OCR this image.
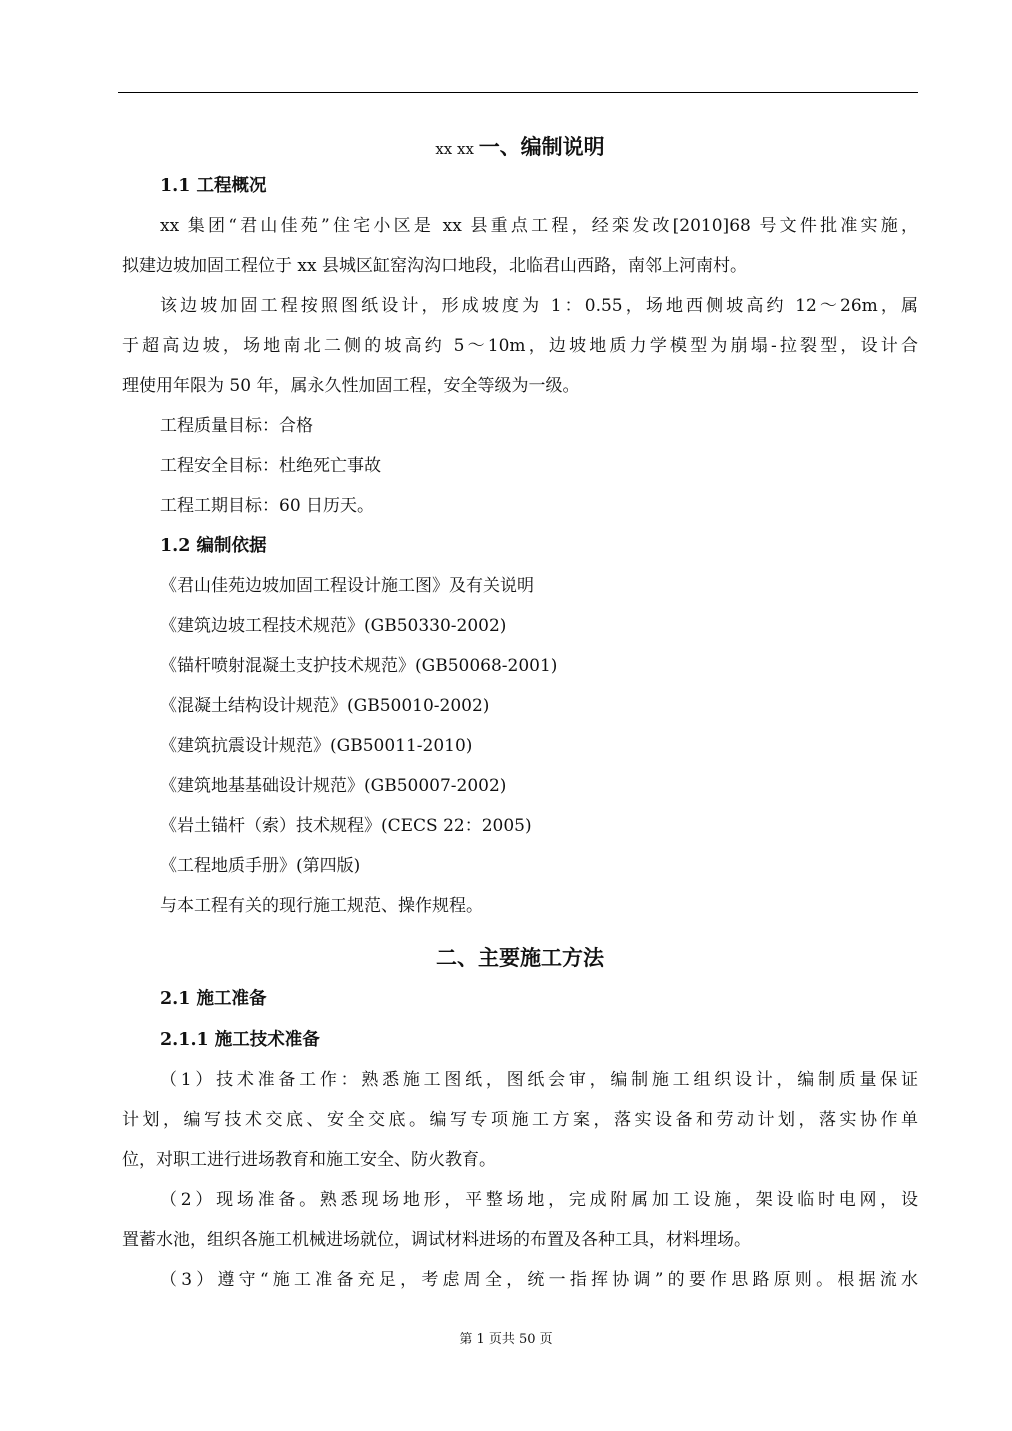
xx xx 一、编制说明
1.1 工程概况
xx 集团“君山佳苑”住宅小区是 xx 县重点工程，经栾发改[2010]68 号文件批准实施，
拟建边坡加固工程位于 xx 县城区缸窑沟沟口地段，北临君山西路，南邻上河南村。
该边坡加固工程按照图纸设计，形成坡度为 1：0.55，场地西侧坡高约 12～26m，属
于超高边坡，场地南北二侧的坡高约 5～10m，边坡地质力学模型为崩塌-拉裂型，设计合
理使用年限为 50 年，属永久性加固工程，安全等级为一级。
工程质量目标：合格
工程安全目标：杜绝死亡事故
工程工期目标：60 日历天。
1.2 编制依据
《君山佳苑边坡加固工程设计施工图》及有关说明
《建筑边坡工程技术规范》(GB50330-2002)
《锚杆喷射混凝土支护技术规范》(GB50068-2001)
《混凝土结构设计规范》(GB50010-2002)
《建筑抗震设计规范》(GB50011-2010)
《建筑地基基础设计规范》(GB50007-2002)
《岩土锚杆（索）技术规程》(CECS 22：2005)
《工程地质手册》(第四版)
与本工程有关的现行施工规范、操作规程。
二、主要施工方法
2.1 施工准备
2.1.1 施工技术准备
（1）技术准备工作：熟悉施工图纸，图纸会审，编制施工组织设计，编制质量保证
计划，编写技术交底、安全交底。编写专项施工方案，落实设备和劳动计划，落实协作单
位，对职工进行进场教育和施工安全、防火教育。
（2）现场准备。熟悉现场地形，平整场地，完成附属加工设施，架设临时电网，设
置蓄水池，组织各施工机械进场就位，调试材料进场的布置及各种工具，材料埋场。
（3）遵守“施工准备充足，考虑周全，统一指挥协调”的要作思路原则。根据流水
第 1 页共 50 页
